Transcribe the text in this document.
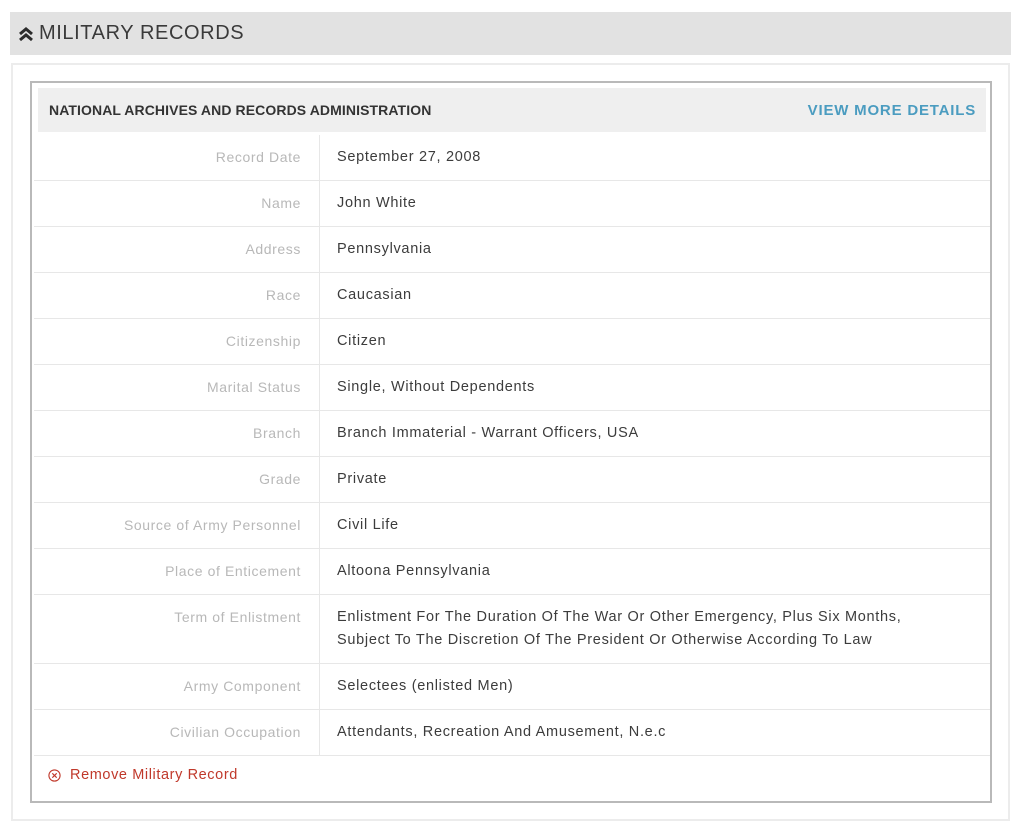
MILITARY RECORDS
NATIONAL ARCHIVES AND RECORDS ADMINISTRATION	VIEW MORE DETAILS
Record Date	September 27, 2008
Name	John White
Address	Pennsylvania
Race	Caucasian
Citizenship	Citizen
Marital Status	Single, Without Dependents
Branch	Branch Immaterial - Warrant Officers, USA
Grade	Private
Source of Army Personnel	Civil Life
Place of Enticement	Altoona Pennsylvania
Term of Enlistment	Enlistment For The Duration Of The War Or Other Emergency, Plus Six Months,
Subject To The Discretion Of The President Or Otherwise According To Law
Army Component	Selectees (enlisted Men)
Civilian Occupation	Attendants, Recreation And Amusement, N.e.c
Remove Military Record
